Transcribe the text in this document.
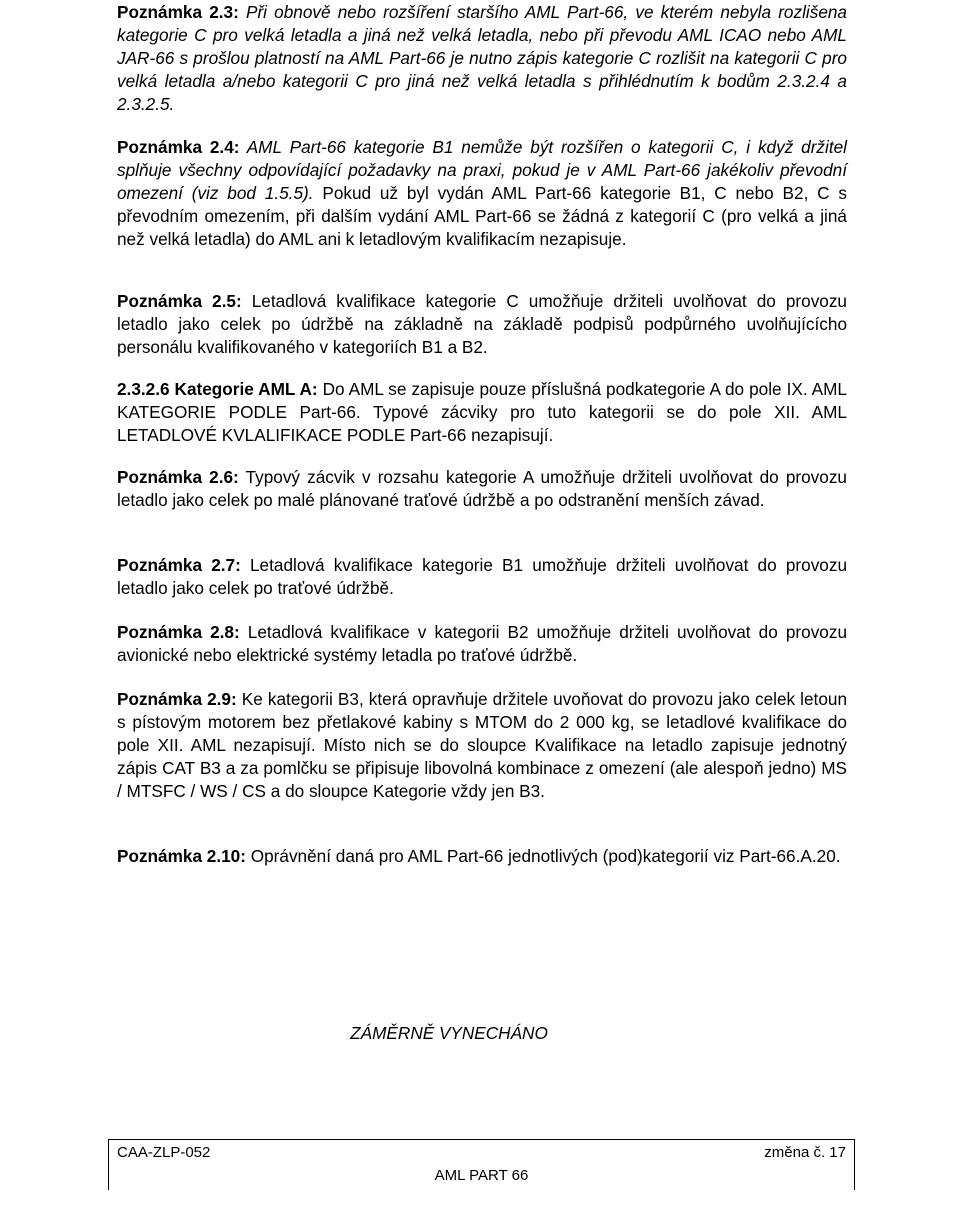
Poznámka 2.3: Při obnově nebo rozšíření staršího AML Part-66, ve kterém nebyla rozlišena kategorie C pro velká letadla a jiná než velká letadla, nebo při převodu AML ICAO nebo AML JAR-66 s prošlou platností na AML Part-66 je nutno zápis kategorie C rozlišit na kategorii C pro velká letadla a/nebo kategorii C pro jiná než velká letadla s přihlédnutím k bodům 2.3.2.4 a 2.3.2.5.

Poznámka 2.4: AML Part-66 kategorie B1 nemůže být rozšířen o kategorii C, i když držitel splňuje všechny odpovídající požadavky na praxi, pokud je v AML Part-66 jakékoliv převodní omezení (viz bod 1.5.5). Pokud už byl vydán AML Part-66 kategorie B1, C nebo B2, C s převodním omezením, při dalším vydání AML Part-66 se žádná z kategorií C (pro velká a jiná než velká letadla) do AML ani k letadlovým kvalifikacím nezapisuje.

Poznámka 2.5: Letadlová kvalifikace kategorie C umožňuje držiteli uvolňovat do provozu letadlo jako celek po údržbě na základně na základě podpisů podpůrného uvolňujícícho personálu kvalifikovaného v kategoriích B1 a B2.

2.3.2.6 Kategorie AML A: Do AML se zapisuje pouze příslušná podkategorie A do pole IX. AML KATEGORIE PODLE Part-66. Typové zácviky pro tuto kategorii se do pole XII. AML LETADLOVÉ KVLALIFIKACE PODLE Part-66 nezapisují.

Poznámka 2.6: Typový zácvik v rozsahu kategorie A umožňuje držiteli uvolňovat do provozu letadlo jako celek po malé plánované traťové údržbě a po odstranění menších závad.

Poznámka 2.7: Letadlová kvalifikace kategorie B1 umožňuje držiteli uvolňovat do provozu letadlo jako celek po traťové údržbě.

Poznámka 2.8: Letadlová kvalifikace v kategorii B2 umožňuje držiteli uvolňovat do provozu avionické nebo elektrické systémy letadla po traťové údržbě.

Poznámka 2.9: Ke kategorii B3, která opravňuje držitele uvoňovat do provozu jako celek letoun s pístovým motorem bez přetlakové kabiny s MTOM do 2 000 kg, se letadlové kvalifikace do pole XII. AML nezapisují. Místo nich se do sloupce Kvalifikace na letadlo zapisuje jednotný zápis CAT B3 a za pomlčku se připisuje libovolná kombinace z omezení (ale alespoň jedno) MS / MTSFC / WS / CS a do sloupce Kategorie vždy jen B3.

Poznámka 2.10: Oprávnění daná pro AML Part-66 jednotlivých (pod)kategorií viz Part-66.A.20.

ZÁMĚRNĚ VYNECHÁNO
CAA-ZLP-052	změna č. 17
AML PART 66
